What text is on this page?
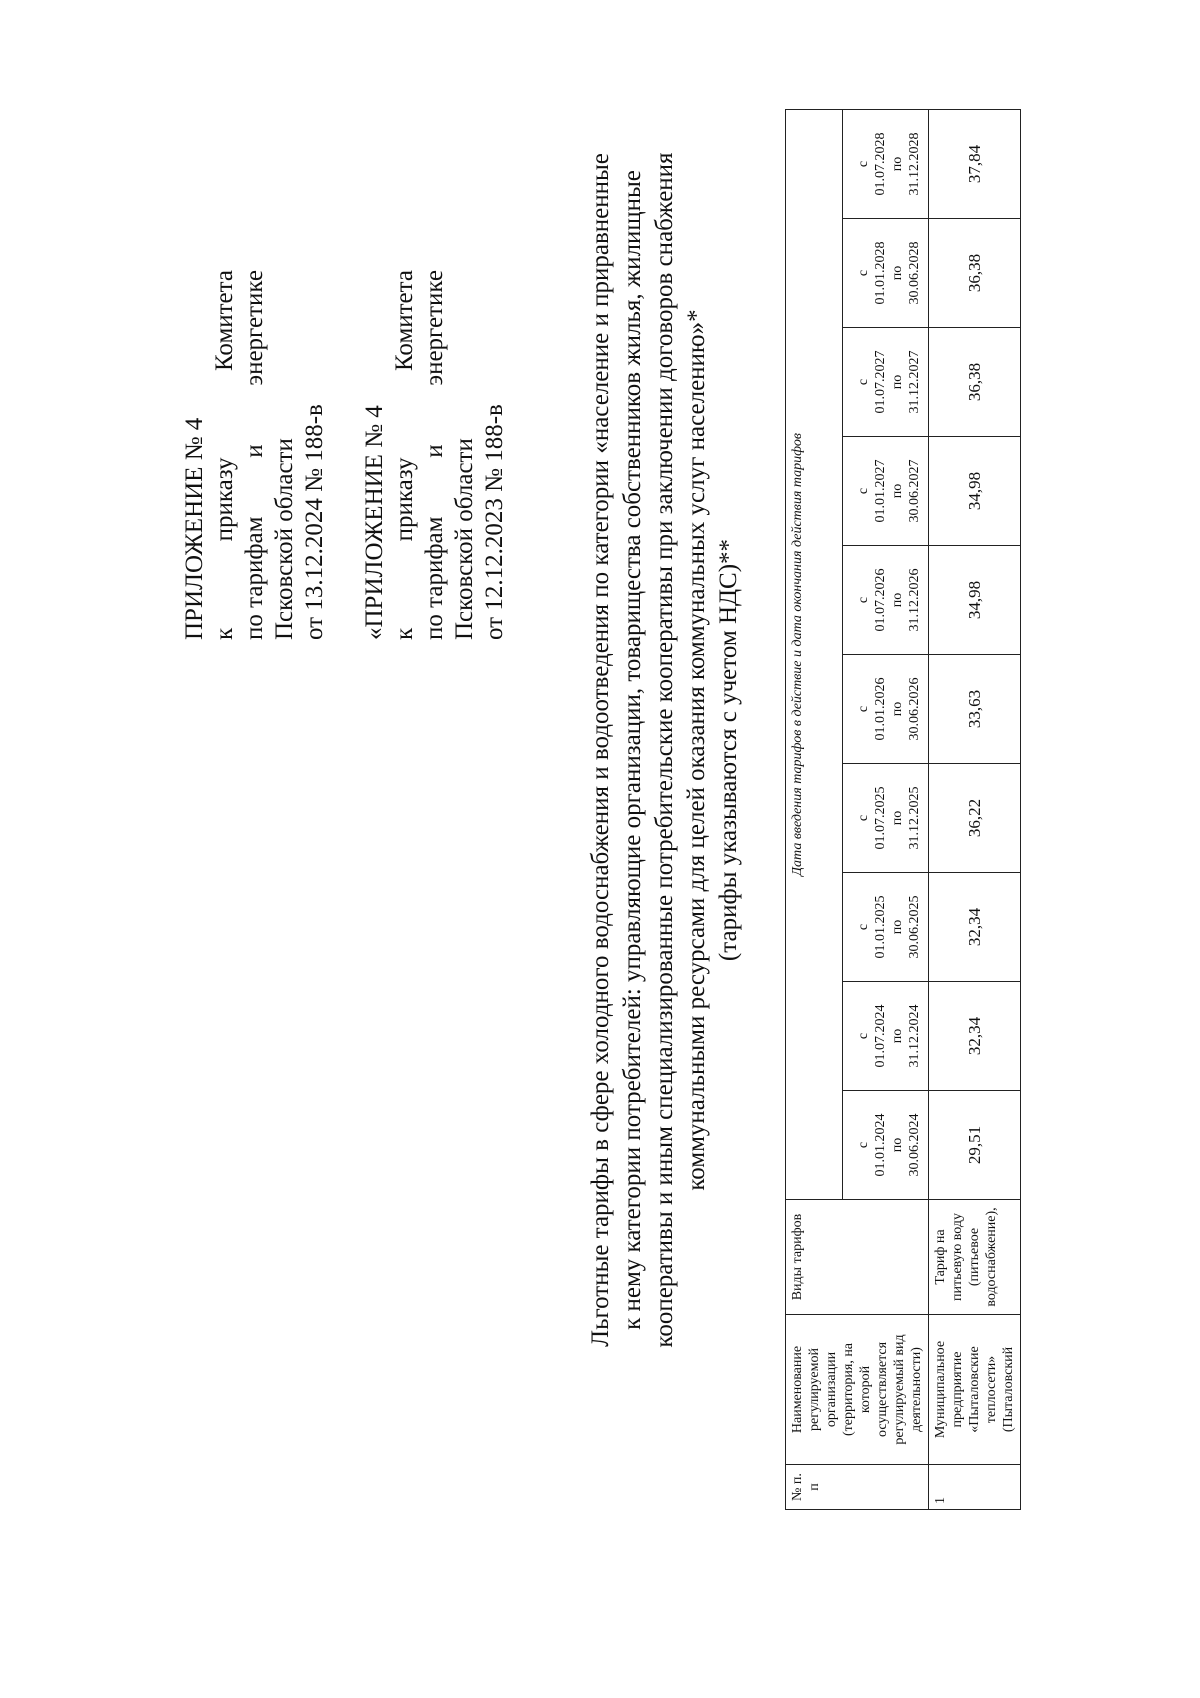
ПРИЛОЖЕНИЕ № 4 к
приказу
Комитета
по тарифам
и
энергетике
Псковской области от 13.12.2024 № 188-в «ПРИЛОЖЕНИЕ № 4 к
приказу
Комитета
по тарифам
и
энергетике
Псковской области от 12.12.2023 № 188-в	Льготные тарифы в сфере холодного водоснабжения и водоотведения по категории «население и приравненные к нему категории потребителей: управляющие организации, товарищества собственников жилья, жилищные кооперативы и иным специализированные потребительские кооперативы при заключении договоров снабжения коммунальными ресурсами для целей оказания коммунальных услуг населению»* (тарифы указываются с учетом НДС)**
№ п. п	Наименование регулируемой организации (территория, на которой осуществляется регулируемый вид деятельности)	Виды тарифов	Дата введения тарифов в действие и дата окончания действия тарифов									

			с 01.01.2024 по 30.06.2024	с 01.07.2024 по 31.12.2024	с 01.01.2025 по 30.06.2025	с 01.07.2025 по 31.12.2025	с 01.01.2026 по 30.06.2026	с 01.07.2026 по 31.12.2026	с 01.01.2027 по 30.06.2027	с 01.07.2027 по 31.12.2027	с 01.01.2028 по 30.06.2028	с 01.07.2028 по 31.12.2028

1	Муниципальное предприятие «Пыталовские теплосети» (Пыталовский	Тариф на питьевую воду (питьевое водоснабжение),	29,51	32,34	32,34	36,22	33,63	34,98	34,98	36,38	36,38	37,84
